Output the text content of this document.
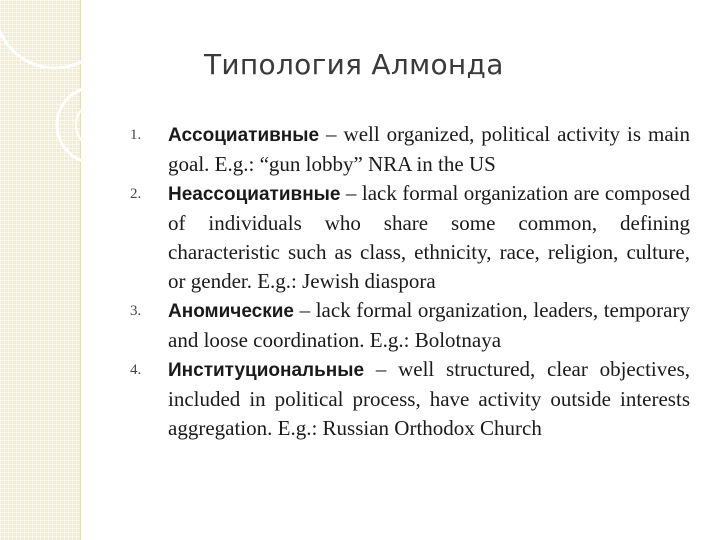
Типология Алмонда
1. Ассоциативные – well organized, political activity is main goal. E.g.: “gun lobby” NRA in the US
2. Неассоциативные – lack formal organization are composed of individuals who share some common, defining characteristic such as class, ethnicity, race, religion, culture, or gender. E.g.: Jewish diaspora
3. Аномические – lack formal organization, leaders, temporary and loose coordination. E.g.: Bolotnaya
4. Институциональные – well structured, clear objectives, included in political process, have activity outside interests aggregation. E.g.: Russian Orthodox Church
